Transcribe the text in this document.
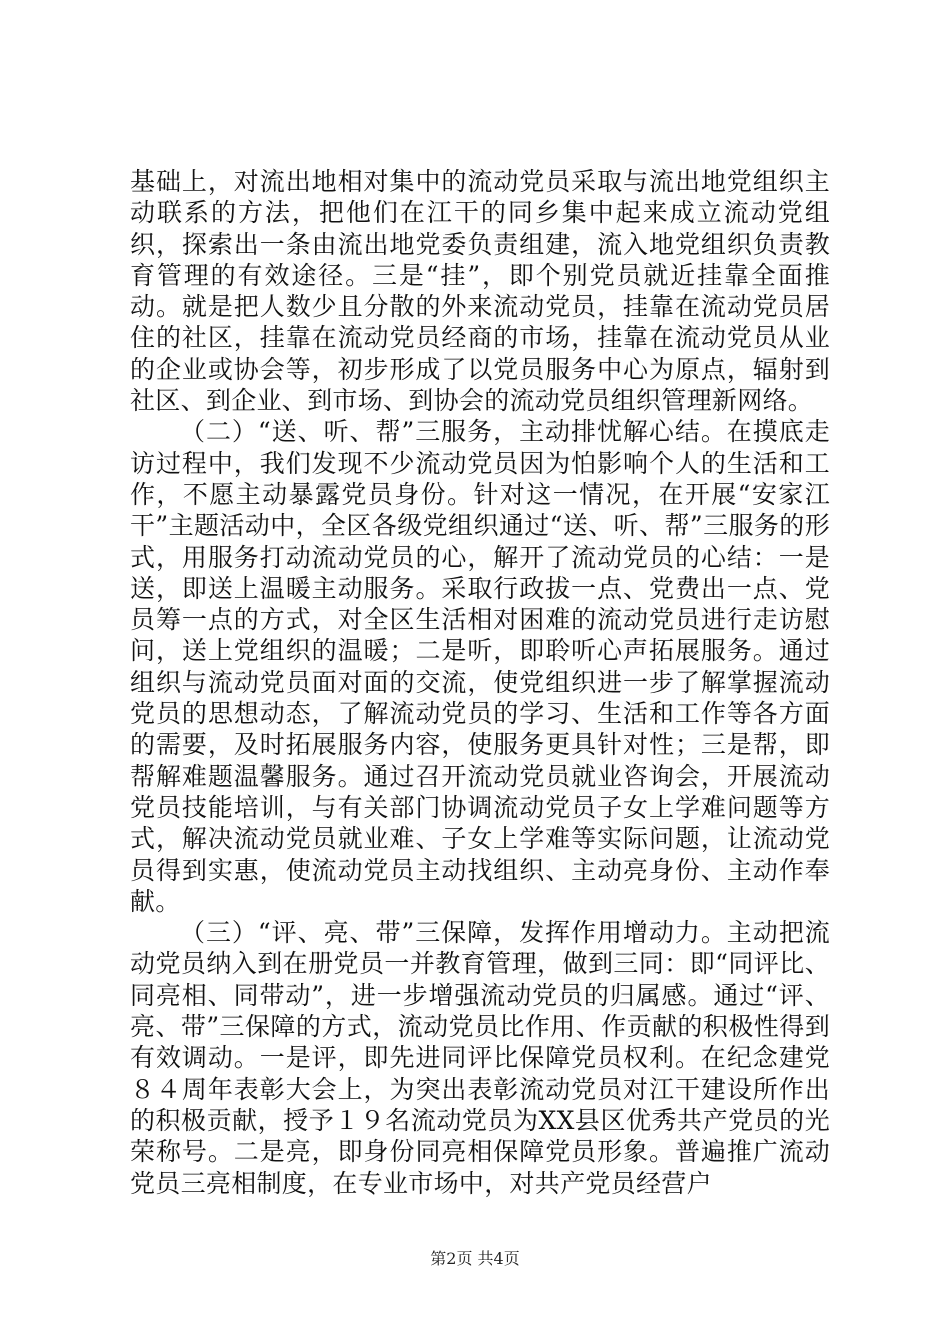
基础上，对流出地相对集中的流动党员采取与流出地党组织主动联系的方法，把他们在江干的同乡集中起来成立流动党组织，探索出一条由流出地党委负责组建，流入地党组织负责教育管理的有效途径。三是“挂”，即个别党员就近挂靠全面推动。就是把人数少且分散的外来流动党员，挂靠在流动党员居住的社区，挂靠在流动党员经商的市场，挂靠在流动党员从业的企业或协会等，初步形成了以党员服务中心为原点，辐射到社区、到企业、到市场、到协会的流动党员组织管理新网络。

（二）“送、听、帮”三服务，主动排忧解心结。在摸底走访过程中，我们发现不少流动党员因为怕影响个人的生活和工作，不愿主动暴露党员身份。针对这一情况，在开展“安家江干”主题活动中，全区各级党组织通过“送、听、帮”三服务的形式，用服务打动流动党员的心，解开了流动党员的心结：一是送，即送上温暖主动服务。采取行政拔一点、党费出一点、党员筹一点的方式，对全区生活相对困难的流动党员进行走访慰问，送上党组织的温暖；二是听，即聆听心声拓展服务。通过组织与流动党员面对面的交流，使党组织进一步了解掌握流动党员的思想动态，了解流动党员的学习、生活和工作等各方面的需要，及时拓展服务内容，使服务更具针对性；三是帮，即帮解难题温馨服务。通过召开流动党员就业咨询会，开展流动党员技能培训，与有关部门协调流动党员子女上学难问题等方式，解决流动党员就业难、子女上学难等实际问题，让流动党员得到实惠，使流动党员主动找组织、主动亮身份、主动作奉献。

（三）“评、亮、带”三保障，发挥作用增动力。主动把流动党员纳入到在册党员一并教育管理，做到三同：即“同评比、同亮相、同带动”，进一步增强流动党员的归属感。通过“评、亮、带”三保障的方式，流动党员比作用、作贡献的积极性得到有效调动。一是评，即先进同评比保障党员权利。在纪念建党８４周年表彰大会上，为突出表彰流动党员对江干建设所作出的积极贡献，授予１９名流动党员为XX县区优秀共产党员的光荣称号。二是亮，即身份同亮相保障党员形象。普遍推广流动党员三亮相制度，在专业市场中，对共产党员经营户

第2页 共4页
